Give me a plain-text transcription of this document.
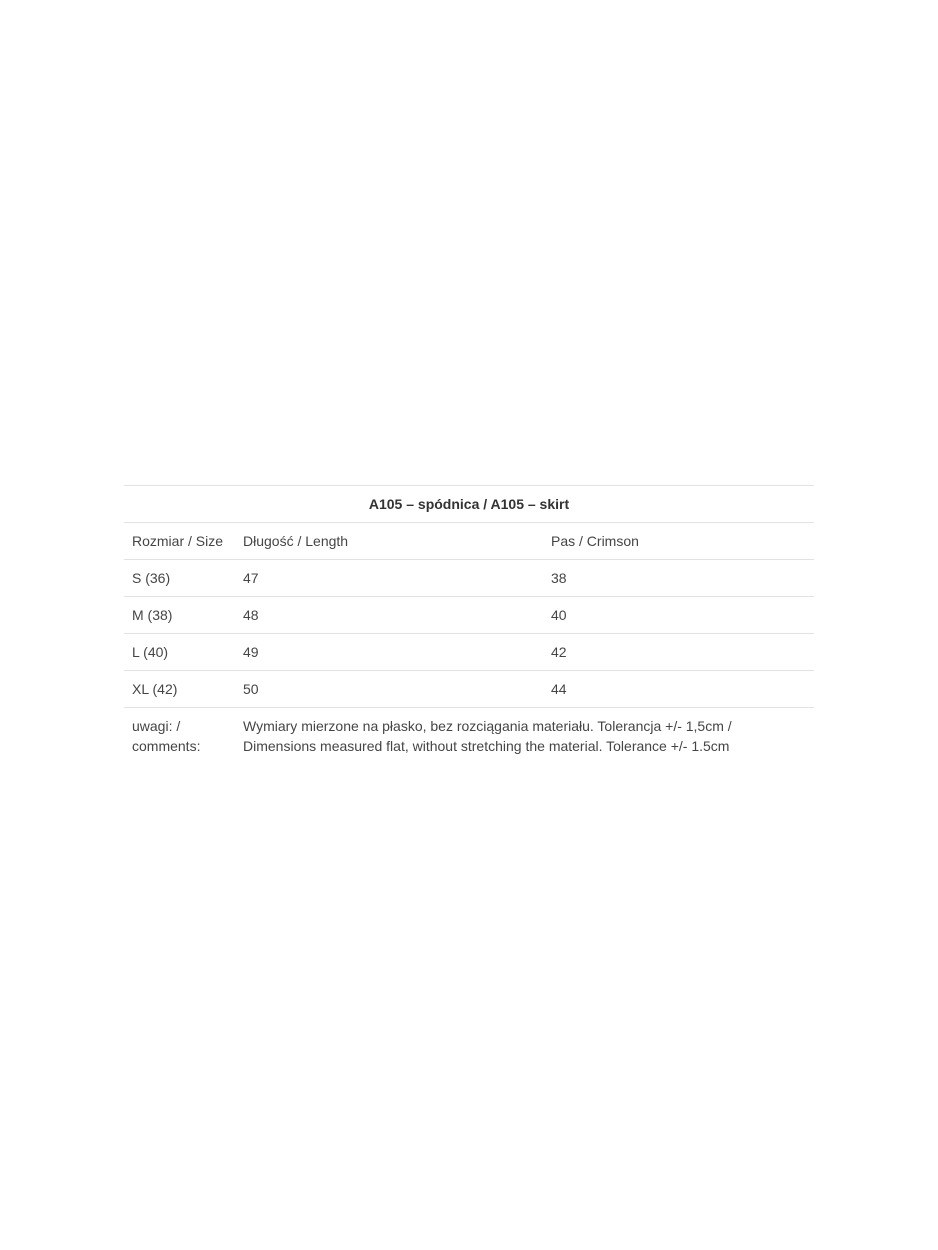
A105 – spódnica / A105 – skirt		
Rozmiar / Size	Długość / Length	Pas / Crimson
S (36)	47	38
M (38)	48	40
L (40)	49	42
XL (42)	50	44
uwagi: / comments:	Wymiary mierzone na płasko, bez rozciągania materiału. Tolerancja +/- 1,5cm / Dimensions measured flat, without stretching the material. Tolerance +/- 1.5cm	
